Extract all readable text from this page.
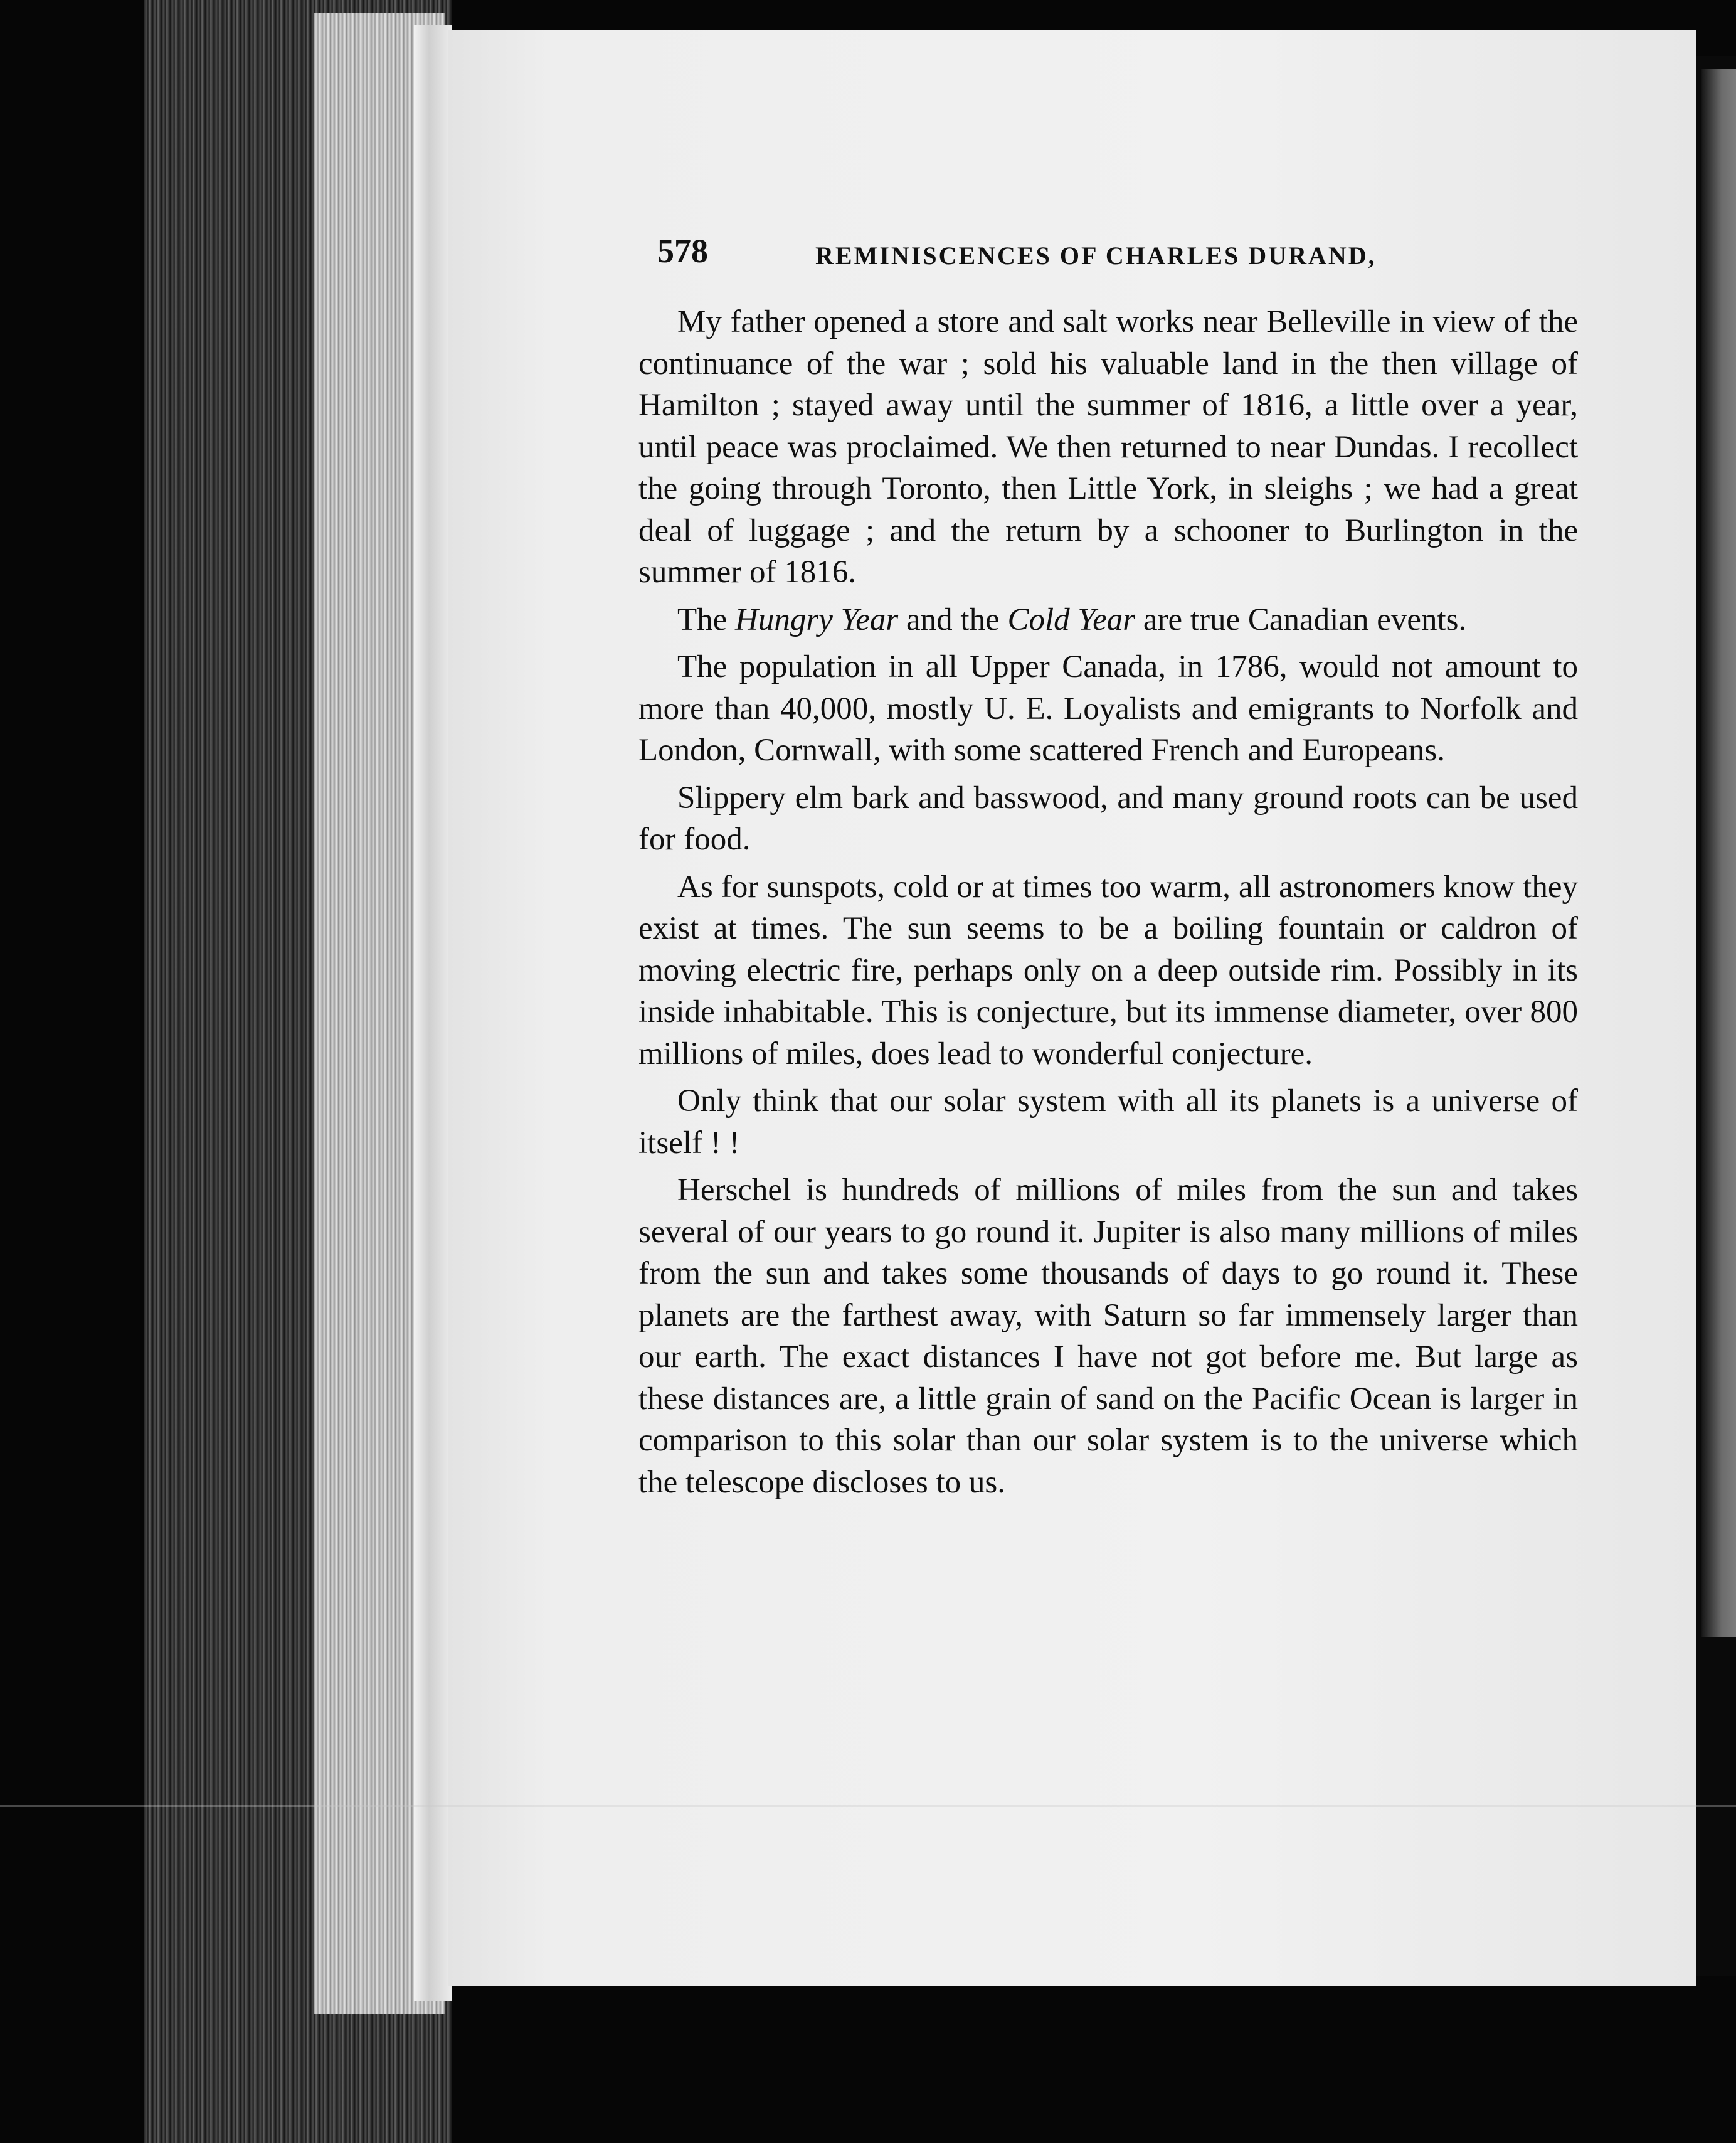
578	REMINISCENCES OF CHARLES DURAND,

My father opened a store and salt works near Belleville in view of the continuance of the war ; sold his valuable land in the then village of Hamilton ; stayed away until the summer of 1816, a little over a year, until peace was proclaimed. We then returned to near Dundas. I recollect the going through Toronto, then Little York, in sleighs ; we had a great deal of luggage ; and the return by a schooner to Burlington in the summer of 1816.

The Hungry Year and the Cold Year are true Canadian events.

The population in all Upper Canada, in 1786, would not amount to more than 40,000, mostly U. E. Loyalists and emigrants to Norfolk and London, Cornwall, with some scattered French and Europeans.

Slippery elm bark and basswood, and many ground roots can be used for food.

As for sunspots, cold or at times too warm, all astronomers know they exist at times. The sun seems to be a boiling fountain or caldron of moving electric fire, perhaps only on a deep outside rim. Possibly in its inside inhabitable. This is conjecture, but its immense diameter, over 800 millions of miles, does lead to wonderful conjecture.

Only think that our solar system with all its planets is a universe of itself ! !

Herschel is hundreds of millions of miles from the sun and takes several of our years to go round it. Jupiter is also many millions of miles from the sun and takes some thousands of days to go round it. These planets are the farthest away, with Saturn so far immensely larger than our earth. The exact distances I have not got before me. But large as these distances are, a little grain of sand on the Pacific Ocean is larger in comparison to this solar than our solar system is to the universe which the telescope discloses to us.
